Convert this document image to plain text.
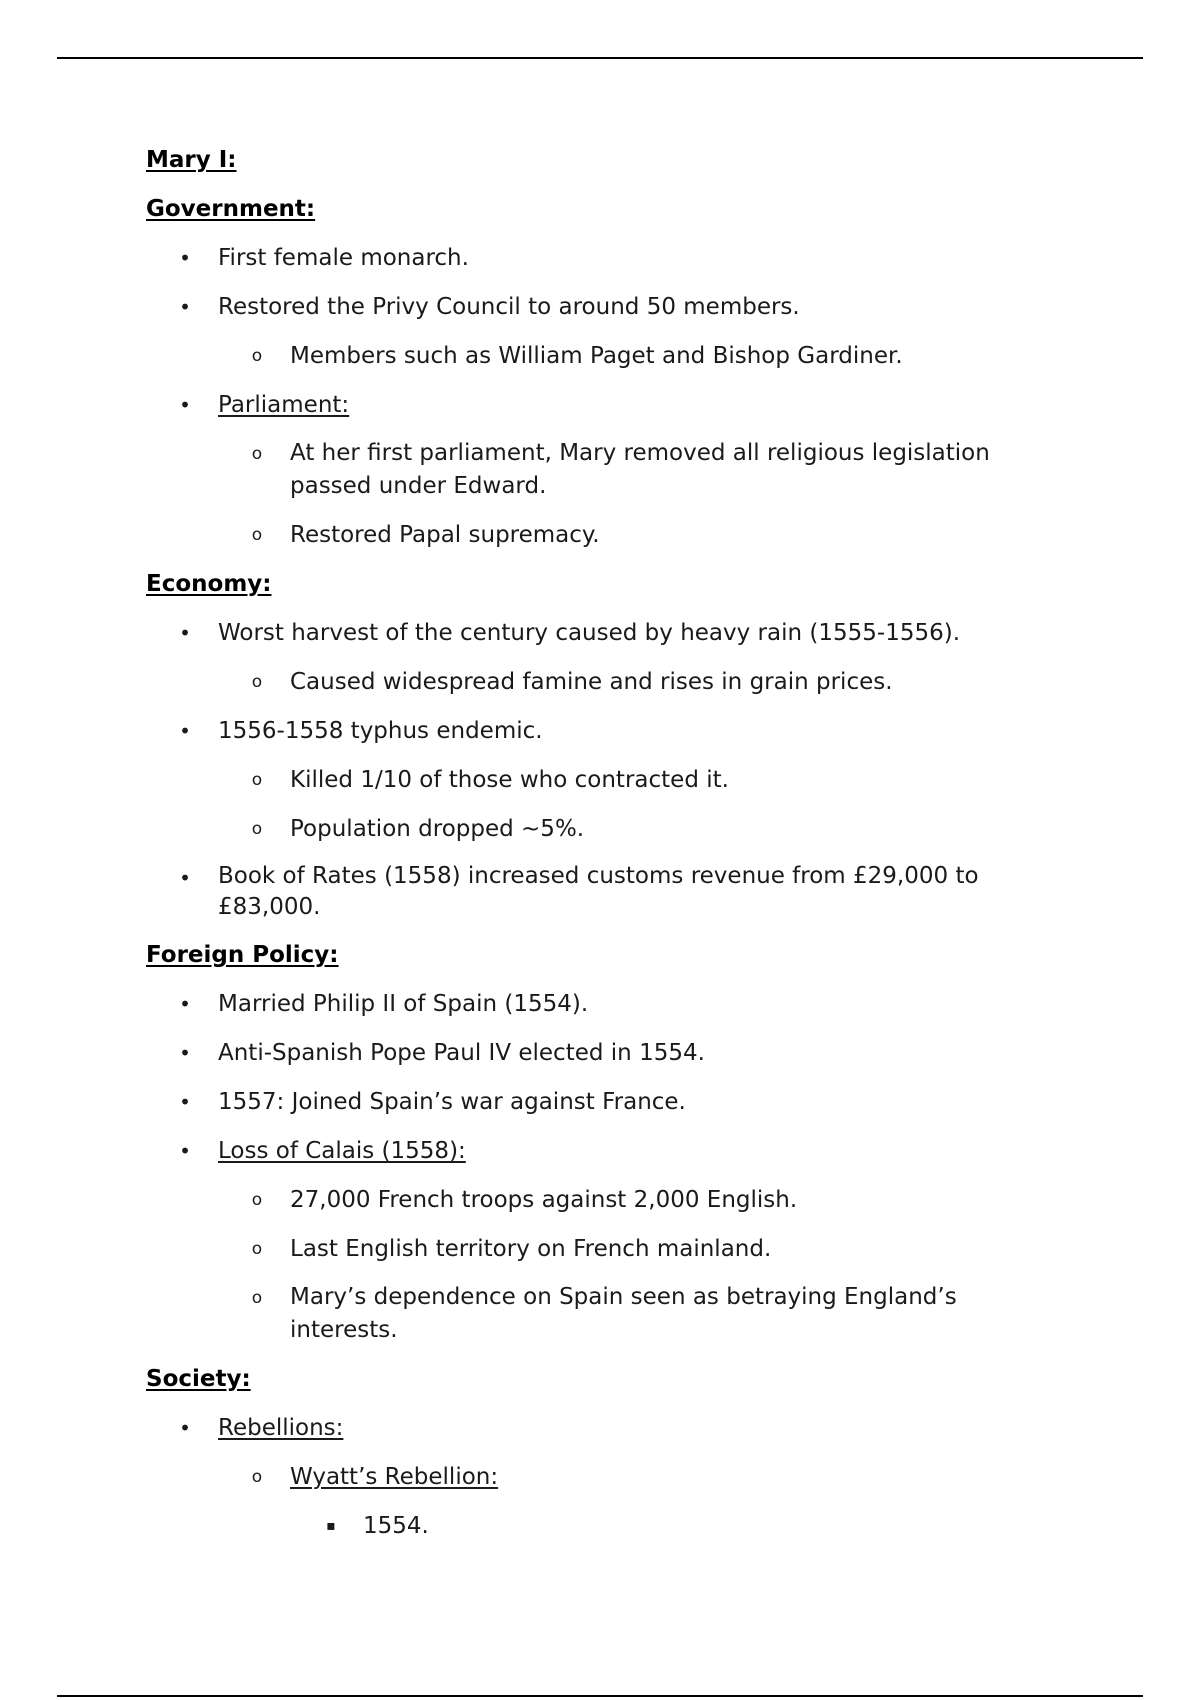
Mary I:
Government:
• First female monarch.
• Restored the Privy Council to around 50 members.
o Members such as William Paget and Bishop Gardiner.
• Parliament:
o At her first parliament, Mary removed all religious legislation passed under Edward.
o Restored Papal supremacy.
Economy:
• Worst harvest of the century caused by heavy rain (1555-1556).
o Caused widespread famine and rises in grain prices.
• 1556-1558 typhus endemic.
o Killed 1/10 of those who contracted it.
o Population dropped ~5%.
• Book of Rates (1558) increased customs revenue from £29,000 to £83,000.
Foreign Policy:
• Married Philip II of Spain (1554).
• Anti-Spanish Pope Paul IV elected in 1554.
• 1557: Joined Spain’s war against France.
• Loss of Calais (1558):
o 27,000 French troops against 2,000 English.
o Last English territory on French mainland.
o Mary’s dependence on Spain seen as betraying England’s interests.
Society:
• Rebellions:
o Wyatt’s Rebellion:
▪ 1554.
